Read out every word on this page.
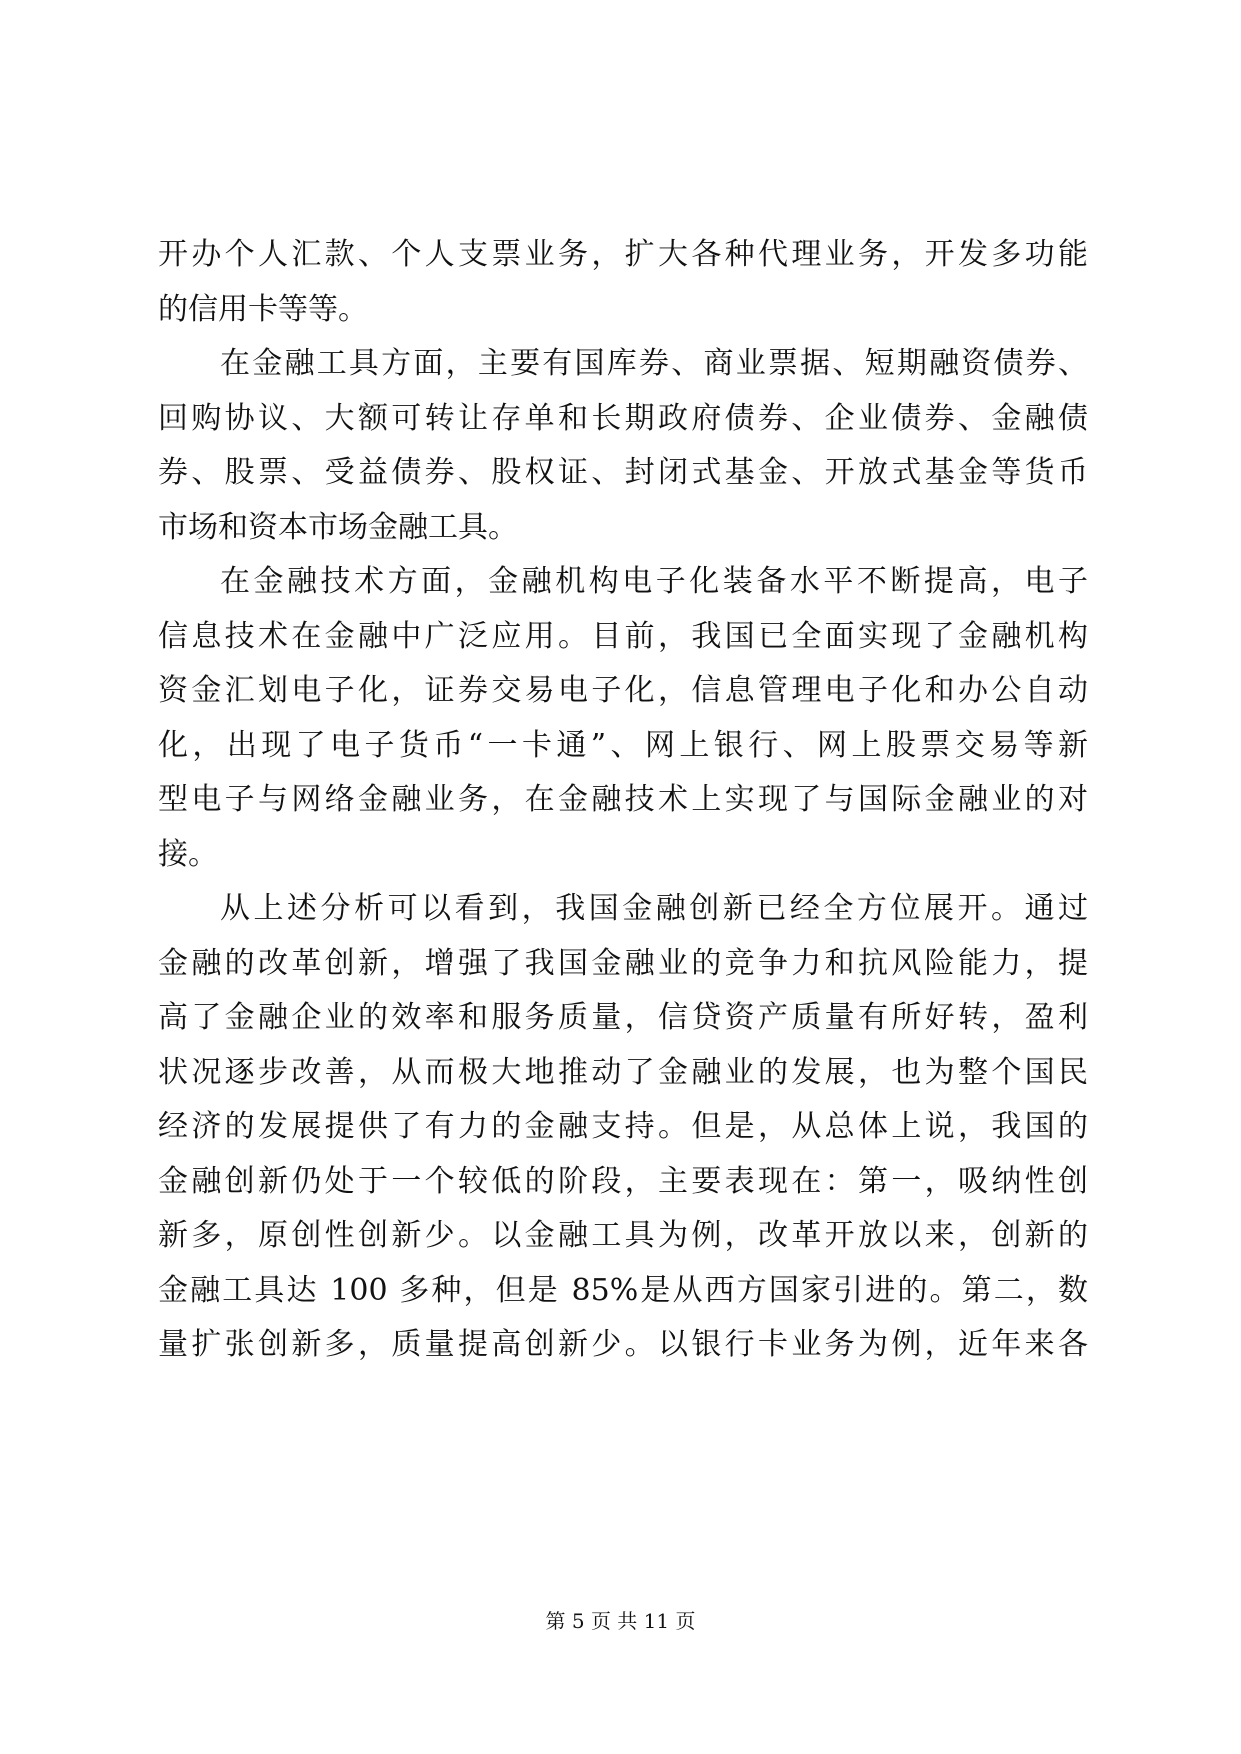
开办个人汇款、个人支票业务，扩大各种代理业务，开发多功能
的信用卡等等。
在金融工具方面，主要有国库券、商业票据、短期融资债券、
回购协议、大额可转让存单和长期政府债券、企业债券、金融债
券、股票、受益债券、股权证、封闭式基金、开放式基金等货币
市场和资本市场金融工具。
在金融技术方面，金融机构电子化装备水平不断提高，电子
信息技术在金融中广泛应用。目前，我国已全面实现了金融机构
资金汇划电子化，证券交易电子化，信息管理电子化和办公自动
化，出现了电子货币“一卡通”、网上银行、网上股票交易等新
型电子与网络金融业务，在金融技术上实现了与国际金融业的对
接。
从上述分析可以看到，我国金融创新已经全方位展开。通过
金融的改革创新，增强了我国金融业的竞争力和抗风险能力，提
高了金融企业的效率和服务质量，信贷资产质量有所好转，盈利
状况逐步改善，从而极大地推动了金融业的发展，也为整个国民
经济的发展提供了有力的金融支持。但是，从总体上说，我国的
金融创新仍处于一个较低的阶段，主要表现在：第一，吸纳性创
新多，原创性创新少。以金融工具为例，改革开放以来，创新的
金融工具达 100 多种，但是 85%是从西方国家引进的。第二，数
量扩张创新多，质量提高创新少。以银行卡业务为例，近年来各
第 5 页 共 11 页
